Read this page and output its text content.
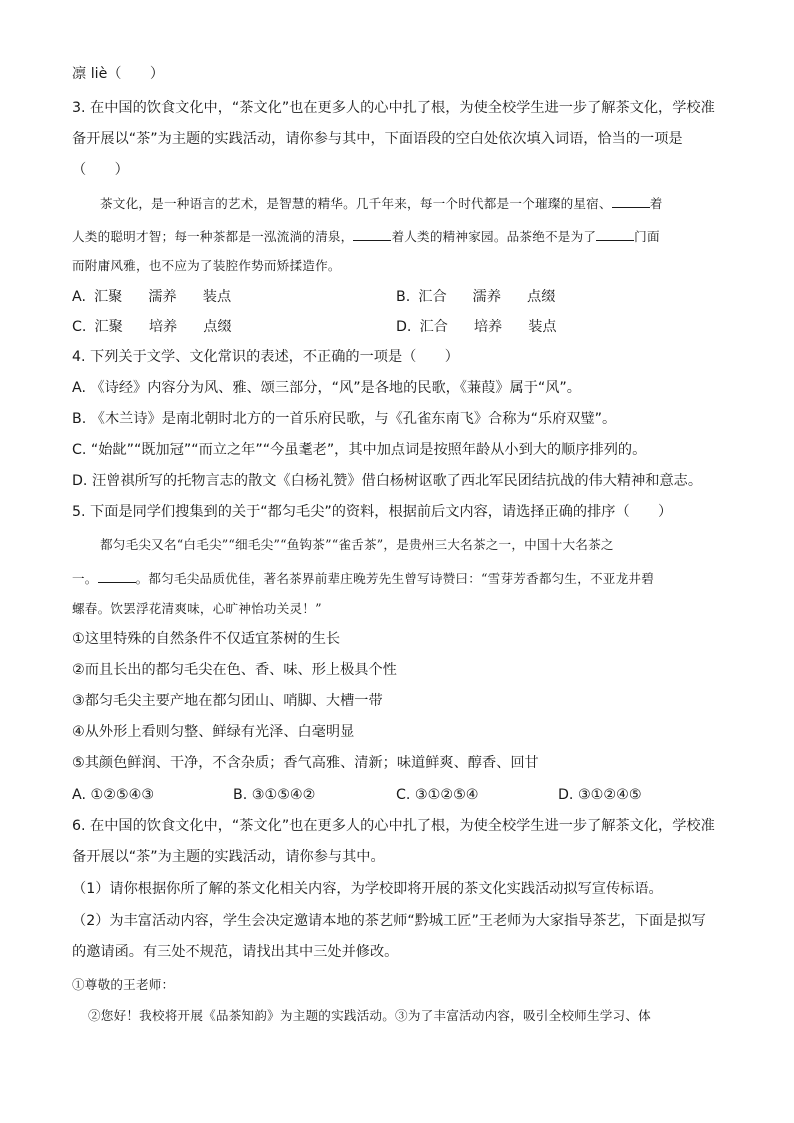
凛 liè（　　）
3. 在中国的饮食文化中，“茶文化”也在更多人的心中扎了根，为使全校学生进一步了解茶文化，学校准
备开展以“茶”为主题的实践活动，请你参与其中，下面语段的空白处依次填入词语，恰当的一项是
（　　）
茶文化，是一种语言的艺术，是智慧的精华。几千年来，每一个时代都是一个璀璨的星宿、	着
人类的聪明才智；每一种茶都是一泓流淌的清泉，	着人类的精神家园。品茶绝不是为了	门面
而附庸风雅，也不应为了装腔作势而矫揉造作。
A. 汇聚 濡养 装点	B. 汇合 濡养 点缀
C. 汇聚 培养 点缀	D. 汇合 培养 装点
4. 下列关于文学、文化常识的表述，不正确的一项是（　　）
A. 《诗经》内容分为风、雅、颂三部分，“风”是各地的民歌，《蒹葭》属于“风”。
B. 《木兰诗》是南北朝时北方的一首乐府民歌，与《孔雀东南飞》合称为“乐府双璧”。
C. “始龀”“既加冠”“而立之年”“今虽耄老”，其中加点词是按照年龄从小到大的顺序排列的。
D. 汪曾祺所写的托物言志的散文《白杨礼赞》借白杨树讴歌了西北军民团结抗战的伟大精神和意志。
5. 下面是同学们搜集到的关于“都匀毛尖”的资料，根据前后文内容，请选择正确的排序（　　）
都匀毛尖又名“白毛尖”“细毛尖”“鱼钩茶”“雀舌茶”，是贵州三大名茶之一，中国十大名茶之
一。	。都匀毛尖品质优佳，著名茶界前辈庄晚芳先生曾写诗赞曰：“雪芽芳香都匀生，不亚龙井碧
螺春。饮罢浮花清爽味，心旷神怡功关灵！”
①这里特殊的自然条件不仅适宜茶树的生长
②而且长出的都匀毛尖在色、香、味、形上极具个性
③都匀毛尖主要产地在都匀团山、哨脚、大槽一带
④从外形上看则匀整、鲜绿有光泽、白毫明显
⑤其颜色鲜润、干净，不含杂质；香气高雅、清新；味道鲜爽、醇香、回甘
A. ①②⑤④③	B. ③①⑤④②	C. ③①②⑤④	D. ③①②④⑤
6. 在中国的饮食文化中，“茶文化”也在更多人的心中扎了根，为使全校学生进一步了解茶文化，学校准
备开展以“茶”为主题的实践活动，请你参与其中。
（1）请你根据你所了解的茶文化相关内容，为学校即将开展的茶文化实践活动拟写宣传标语。
（2）为丰富活动内容，学生会决定邀请本地的茶艺师“黔城工匠”王老师为大家指导茶艺，下面是拟写
的邀请函。有三处不规范，请找出其中三处并修改。
①尊敬的王老师：
②您好！我校将开展《品茶知韵》为主题的实践活动。③为了丰富活动内容，吸引全校师生学习、体
